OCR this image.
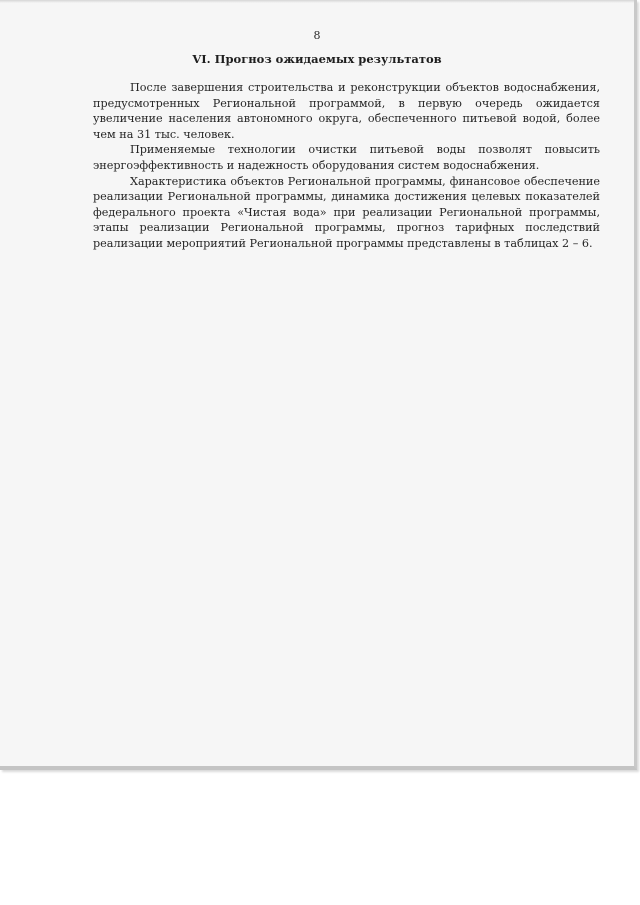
8
VI. Прогноз ожидаемых результатов

После завершения строительства и реконструкции объектов водоснабжения, предусмотренных Региональной программой, в первую очередь ожидается увеличение населения автономного округа, обеспеченного питьевой водой, более чем на 31 тыс. человек.

Применяемые технологии очистки питьевой воды позволят повысить энергоэффективность и надежность оборудования систем водоснабжения.

Характеристика объектов Региональной программы, финансовое обеспечение реализации Региональной программы, динамика достижения целевых показателей федерального проекта «Чистая вода» при реализации Региональной программы, этапы реализации Региональной программы, прогноз тарифных последствий реализации мероприятий Региональной программы представлены в таблицах 2 – 6.
